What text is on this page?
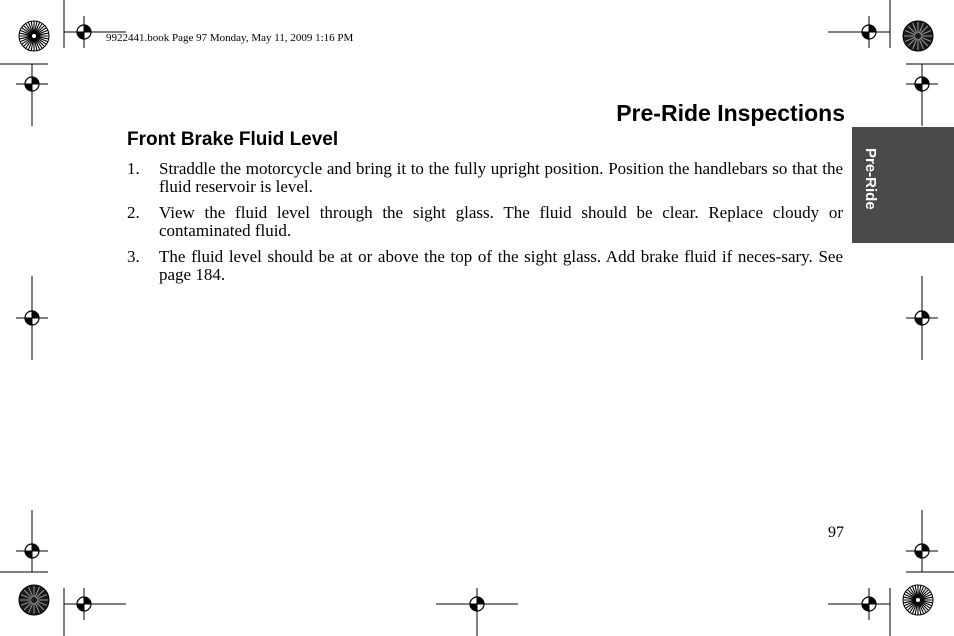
9922441.book Page 97 Monday, May 11, 2009 1:16 PM
Pre-Ride Inspections
Pre-Ride
Front Brake Fluid Level
1. Straddle the motorcycle and bring it to the fully upright position. Position the handlebars so that the fluid reservoir is level.
2. View the fluid level through the sight glass. The fluid should be clear. Replace cloudy or contaminated fluid.
3. The fluid level should be at or above the top of the sight glass. Add brake fluid if neces-sary. See page 184.
97
